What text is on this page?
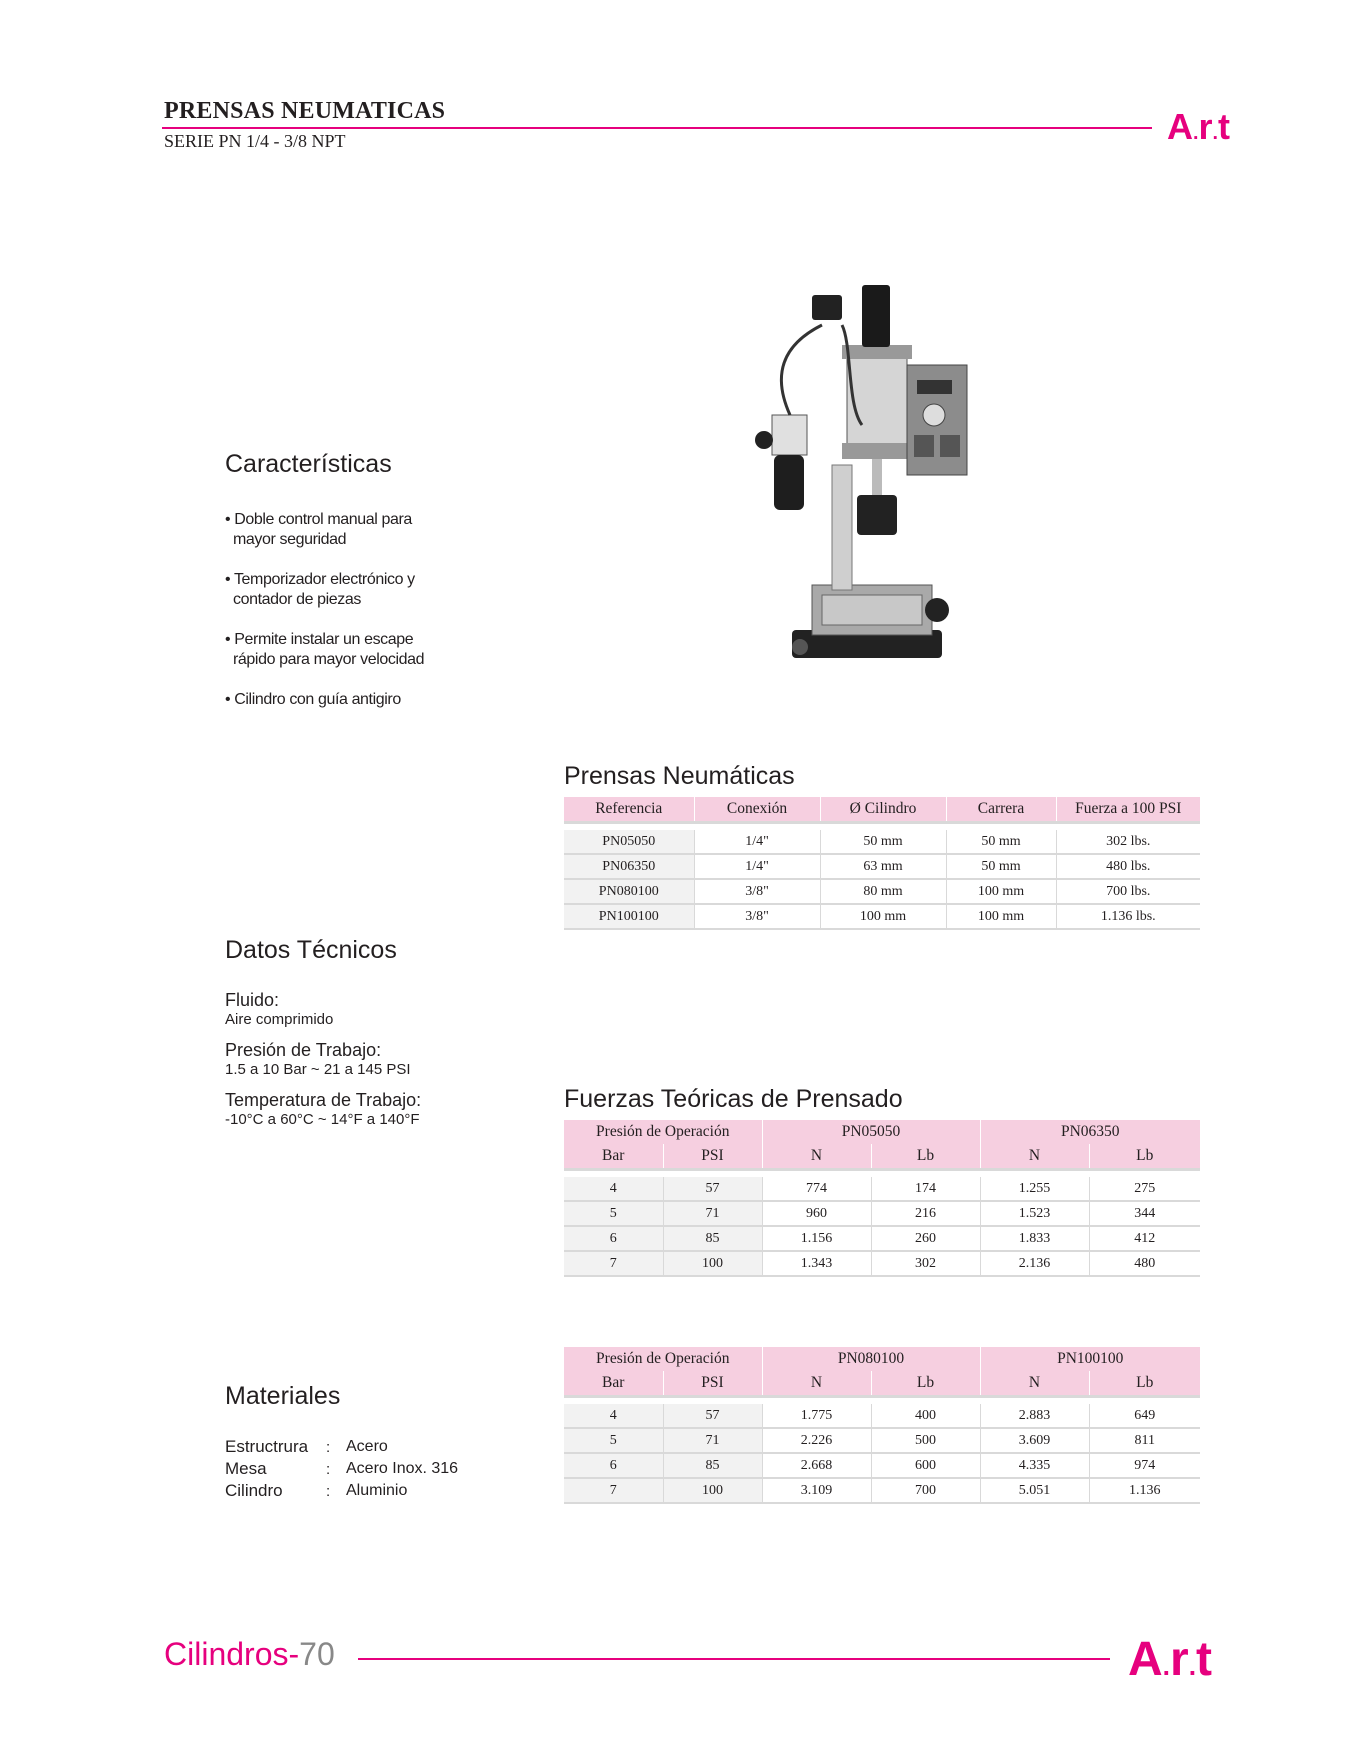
PRENSAS NEUMATICAS
SERIE PN 1/4 - 3/8 NPT	A.r.t
Características
• Doble control manual para
mayor seguridad
• Temporizador electrónico y
contador de piezas
• Permite instalar un escape
rápido para mayor velocidad
• Cilindro con guía antigiro
Prensas Neumáticas
Referencia	Conexión	Ø Cilindro	Carrera	Fuerza a 100 PSI

PN05050	1/4"	50 mm	50 mm	302 lbs.
PN06350	1/4"	63 mm	50 mm	480 lbs.
PN080100	3/8"	80 mm	100 mm	700 lbs.
PN100100	3/8"	100 mm	100 mm	1.136 lbs.
Datos Técnicos
Fluido:
Aire comprimido
Presión de Trabajo:
1.5 a 10 Bar ~ 21 a 145 PSI
Temperatura de Trabajo:
-10°C a 60°C ~ 14°F a 140°F
Fuerzas Teóricas de Prensado
Presión de Operación		PN05050		PN06350	
Bar	PSI	N	Lb	N	Lb

4	57	774	174	1.255	275
5	71	960	216	1.523	344
6	85	1.156	260	1.833	412
7	100	1.343	302	2.136	480
Presión de Operación		PN080100		PN100100	
Bar	PSI	N	Lb	N	Lb

4	57	1.775	400	2.883	649
5	71	2.226	500	3.609	811
6	85	2.668	600	4.335	974
7	100	3.109	700	5.051	1.136
Materiales
Estructrura	:	Acero
Mesa	:	Acero Inox. 316
Cilindro	:	Aluminio
Cilindros-70	A.r.t
